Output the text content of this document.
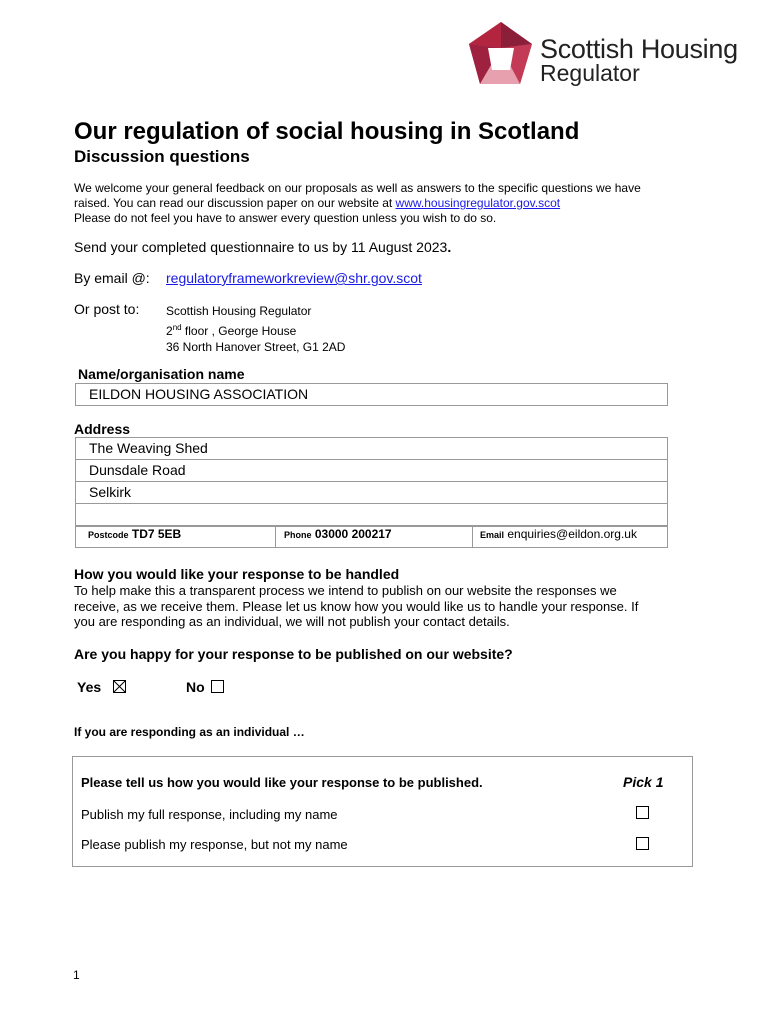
Scottish Housing
Regulator
Our regulation of social housing in Scotland
Discussion questions

We welcome your general feedback on our proposals as well as answers to the specific questions we have

raised. You can read our discussion paper on our website at www.housingregulator.gov.scot

Please do not feel you have to answer every question unless you wish to do so.

Send your completed questionnaire to us by 11 August 2023.
By email @: regulatoryframeworkreview@shr.gov.scot
Or post to: Scottish Housing Regulator
2nd floor , George House
36 North Hanover Street, G1 2AD
Name/organisation name
EILDON HOUSING ASSOCIATION
Address
The Weaving Shed
Dunsdale Road
Selkirk
Postcode TD7 5EB	Phone 03000 200217	Email enquiries@eildon.org.uk
How you would like your response to be handled
To help make this a transparent process we intend to publish on our website the responses we
receive, as we receive them. Please let us know how you would like us to handle your response. If
you are responding as an individual, we will not publish your contact details.
Are you happy for your response to be published on our website?
Yes	No
If you are responding as an individual …
Please tell us how you would like your response to be published.	Pick 1
Publish my full response, including my name
Please publish my response, but not my name
1
